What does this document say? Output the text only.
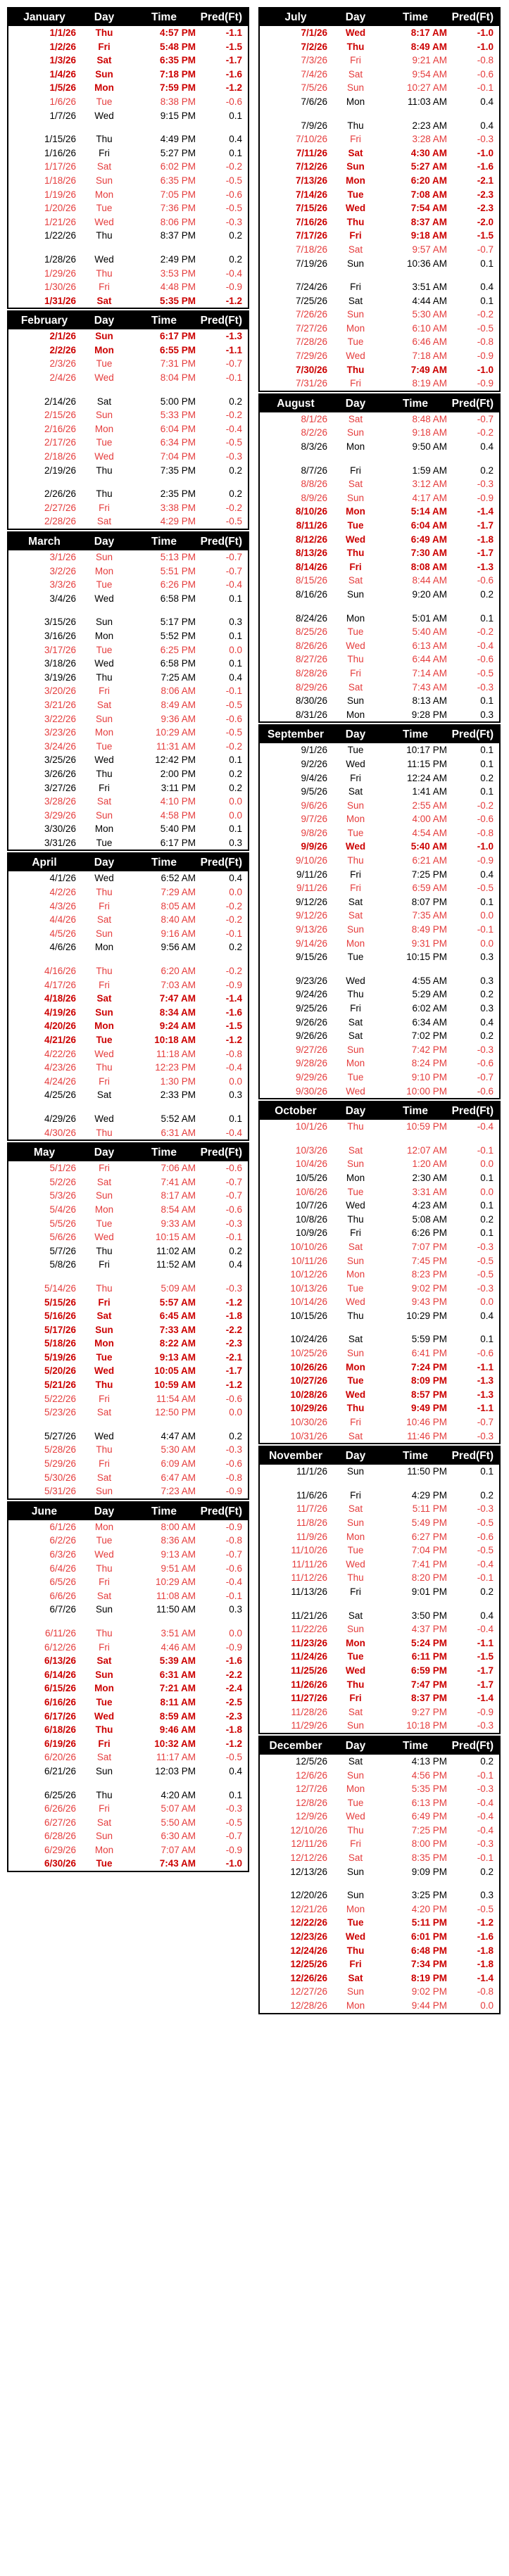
January	Day	Time	Pred(Ft)
1/1/26	Thu	4:57 PM	-1.1
1/2/26	Fri	5:48 PM	-1.5
1/3/26	Sat	6:35 PM	-1.7
1/4/26	Sun	7:18 PM	-1.6
1/5/26	Mon	7:59 PM	-1.2
1/6/26	Tue	8:38 PM	-0.6
1/7/26	Wed	9:15 PM	0.1
1/15/26	Thu	4:49 PM	0.4
1/16/26	Fri	5:27 PM	0.1
1/17/26	Sat	6:02 PM	-0.2
1/18/26	Sun	6:35 PM	-0.5
1/19/26	Mon	7:05 PM	-0.6
1/20/26	Tue	7:36 PM	-0.5
1/21/26	Wed	8:06 PM	-0.3
1/22/26	Thu	8:37 PM	0.2
1/28/26	Wed	2:49 PM	0.2
1/29/26	Thu	3:53 PM	-0.4
1/30/26	Fri	4:48 PM	-0.9
1/31/26	Sat	5:35 PM	-1.2
February	Day	Time	Pred(Ft)
2/1/26	Sun	6:17 PM	-1.3
2/2/26	Mon	6:55 PM	-1.1
2/3/26	Tue	7:31 PM	-0.7
2/4/26	Wed	8:04 PM	-0.1
2/14/26	Sat	5:00 PM	0.2
2/15/26	Sun	5:33 PM	-0.2
2/16/26	Mon	6:04 PM	-0.4
2/17/26	Tue	6:34 PM	-0.5
2/18/26	Wed	7:04 PM	-0.3
2/19/26	Thu	7:35 PM	0.2
2/26/26	Thu	2:35 PM	0.2
2/27/26	Fri	3:38 PM	-0.2
2/28/26	Sat	4:29 PM	-0.5
March	Day	Time	Pred(Ft)
3/1/26	Sun	5:13 PM	-0.7
3/2/26	Mon	5:51 PM	-0.7
3/3/26	Tue	6:26 PM	-0.4
3/4/26	Wed	6:58 PM	0.1
3/15/26	Sun	5:17 PM	0.3
3/16/26	Mon	5:52 PM	0.1
3/17/26	Tue	6:25 PM	0.0
3/18/26	Wed	6:58 PM	0.1
3/19/26	Thu	7:25 AM	0.4
3/20/26	Fri	8:06 AM	-0.1
3/21/26	Sat	8:49 AM	-0.5
3/22/26	Sun	9:36 AM	-0.6
3/23/26	Mon	10:29 AM	-0.5
3/24/26	Tue	11:31 AM	-0.2
3/25/26	Wed	12:42 PM	0.1
3/26/26	Thu	2:00 PM	0.2
3/27/26	Fri	3:11 PM	0.2
3/28/26	Sat	4:10 PM	0.0
3/29/26	Sun	4:58 PM	0.0
3/30/26	Mon	5:40 PM	0.1
3/31/26	Tue	6:17 PM	0.3
April	Day	Time	Pred(Ft)
4/1/26	Wed	6:52 AM	0.4
4/2/26	Thu	7:29 AM	0.0
4/3/26	Fri	8:05 AM	-0.2
4/4/26	Sat	8:40 AM	-0.2
4/5/26	Sun	9:16 AM	-0.1
4/6/26	Mon	9:56 AM	0.2
4/16/26	Thu	6:20 AM	-0.2
4/17/26	Fri	7:03 AM	-0.9
4/18/26	Sat	7:47 AM	-1.4
4/19/26	Sun	8:34 AM	-1.6
4/20/26	Mon	9:24 AM	-1.5
4/21/26	Tue	10:18 AM	-1.2
4/22/26	Wed	11:18 AM	-0.8
4/23/26	Thu	12:23 PM	-0.4
4/24/26	Fri	1:30 PM	0.0
4/25/26	Sat	2:33 PM	0.3
4/29/26	Wed	5:52 AM	0.1
4/30/26	Thu	6:31 AM	-0.4
May	Day	Time	Pred(Ft)
5/1/26	Fri	7:06 AM	-0.6
5/2/26	Sat	7:41 AM	-0.7
5/3/26	Sun	8:17 AM	-0.7
5/4/26	Mon	8:54 AM	-0.6
5/5/26	Tue	9:33 AM	-0.3
5/6/26	Wed	10:15 AM	-0.1
5/7/26	Thu	11:02 AM	0.2
5/8/26	Fri	11:52 AM	0.4
5/14/26	Thu	5:09 AM	-0.3
5/15/26	Fri	5:57 AM	-1.2
5/16/26	Sat	6:45 AM	-1.8
5/17/26	Sun	7:33 AM	-2.2
5/18/26	Mon	8:22 AM	-2.3
5/19/26	Tue	9:13 AM	-2.1
5/20/26	Wed	10:05 AM	-1.7
5/21/26	Thu	10:59 AM	-1.2
5/22/26	Fri	11:54 AM	-0.6
5/23/26	Sat	12:50 PM	0.0
5/27/26	Wed	4:47 AM	0.2
5/28/26	Thu	5:30 AM	-0.3
5/29/26	Fri	6:09 AM	-0.6
5/30/26	Sat	6:47 AM	-0.8
5/31/26	Sun	7:23 AM	-0.9
June	Day	Time	Pred(Ft)
6/1/26	Mon	8:00 AM	-0.9
6/2/26	Tue	8:36 AM	-0.8
6/3/26	Wed	9:13 AM	-0.7
6/4/26	Thu	9:51 AM	-0.6
6/5/26	Fri	10:29 AM	-0.4
6/6/26	Sat	11:08 AM	-0.1
6/7/26	Sun	11:50 AM	0.3
6/11/26	Thu	3:51 AM	0.0
6/12/26	Fri	4:46 AM	-0.9
6/13/26	Sat	5:39 AM	-1.6
6/14/26	Sun	6:31 AM	-2.2
6/15/26	Mon	7:21 AM	-2.4
6/16/26	Tue	8:11 AM	-2.5
6/17/26	Wed	8:59 AM	-2.3
6/18/26	Thu	9:46 AM	-1.8
6/19/26	Fri	10:32 AM	-1.2
6/20/26	Sat	11:17 AM	-0.5
6/21/26	Sun	12:03 PM	0.4
6/25/26	Thu	4:20 AM	0.1
6/26/26	Fri	5:07 AM	-0.3
6/27/26	Sat	5:50 AM	-0.5
6/28/26	Sun	6:30 AM	-0.7
6/29/26	Mon	7:07 AM	-0.9
6/30/26	Tue	7:43 AM	-1.0
July	Day	Time	Pred(Ft)
7/1/26	Wed	8:17 AM	-1.0
7/2/26	Thu	8:49 AM	-1.0
7/3/26	Fri	9:21 AM	-0.8
7/4/26	Sat	9:54 AM	-0.6
7/5/26	Sun	10:27 AM	-0.1
7/6/26	Mon	11:03 AM	0.4
7/9/26	Thu	2:23 AM	0.4
7/10/26	Fri	3:28 AM	-0.3
7/11/26	Sat	4:30 AM	-1.0
7/12/26	Sun	5:27 AM	-1.6
7/13/26	Mon	6:20 AM	-2.1
7/14/26	Tue	7:08 AM	-2.3
7/15/26	Wed	7:54 AM	-2.3
7/16/26	Thu	8:37 AM	-2.0
7/17/26	Fri	9:18 AM	-1.5
7/18/26	Sat	9:57 AM	-0.7
7/19/26	Sun	10:36 AM	0.1
7/24/26	Fri	3:51 AM	0.4
7/25/26	Sat	4:44 AM	0.1
7/26/26	Sun	5:30 AM	-0.2
7/27/26	Mon	6:10 AM	-0.5
7/28/26	Tue	6:46 AM	-0.8
7/29/26	Wed	7:18 AM	-0.9
7/30/26	Thu	7:49 AM	-1.0
7/31/26	Fri	8:19 AM	-0.9
August	Day	Time	Pred(Ft)
8/1/26	Sat	8:48 AM	-0.7
8/2/26	Sun	9:18 AM	-0.2
8/3/26	Mon	9:50 AM	0.4
8/7/26	Fri	1:59 AM	0.2
8/8/26	Sat	3:12 AM	-0.3
8/9/26	Sun	4:17 AM	-0.9
8/10/26	Mon	5:14 AM	-1.4
8/11/26	Tue	6:04 AM	-1.7
8/12/26	Wed	6:49 AM	-1.8
8/13/26	Thu	7:30 AM	-1.7
8/14/26	Fri	8:08 AM	-1.3
8/15/26	Sat	8:44 AM	-0.6
8/16/26	Sun	9:20 AM	0.2
8/24/26	Mon	5:01 AM	0.1
8/25/26	Tue	5:40 AM	-0.2
8/26/26	Wed	6:13 AM	-0.4
8/27/26	Thu	6:44 AM	-0.6
8/28/26	Fri	7:14 AM	-0.5
8/29/26	Sat	7:43 AM	-0.3
8/30/26	Sun	8:13 AM	0.1
8/31/26	Mon	9:28 PM	0.3
September	Day	Time	Pred(Ft)
9/1/26	Tue	10:17 PM	0.1
9/2/26	Wed	11:15 PM	0.1
9/4/26	Fri	12:24 AM	0.2
9/5/26	Sat	1:41 AM	0.1
9/6/26	Sun	2:55 AM	-0.2
9/7/26	Mon	4:00 AM	-0.6
9/8/26	Tue	4:54 AM	-0.8
9/9/26	Wed	5:40 AM	-1.0
9/10/26	Thu	6:21 AM	-0.9
9/11/26	Fri	7:25 PM	0.4
9/11/26	Fri	6:59 AM	-0.5
9/12/26	Sat	8:07 PM	0.1
9/12/26	Sat	7:35 AM	0.0
9/13/26	Sun	8:49 PM	-0.1
9/14/26	Mon	9:31 PM	0.0
9/15/26	Tue	10:15 PM	0.3
9/23/26	Wed	4:55 AM	0.3
9/24/26	Thu	5:29 AM	0.2
9/25/26	Fri	6:02 AM	0.3
9/26/26	Sat	6:34 AM	0.4
9/26/26	Sat	7:02 PM	0.2
9/27/26	Sun	7:42 PM	-0.3
9/28/26	Mon	8:24 PM	-0.6
9/29/26	Tue	9:10 PM	-0.7
9/30/26	Wed	10:00 PM	-0.6
October	Day	Time	Pred(Ft)
10/1/26	Thu	10:59 PM	-0.4
10/3/26	Sat	12:07 AM	-0.1
10/4/26	Sun	1:20 AM	0.0
10/5/26	Mon	2:30 AM	0.1
10/6/26	Tue	3:31 AM	0.0
10/7/26	Wed	4:23 AM	0.1
10/8/26	Thu	5:08 AM	0.2
10/9/26	Fri	6:26 PM	0.1
10/10/26	Sat	7:07 PM	-0.3
10/11/26	Sun	7:45 PM	-0.5
10/12/26	Mon	8:23 PM	-0.5
10/13/26	Tue	9:02 PM	-0.3
10/14/26	Wed	9:43 PM	0.0
10/15/26	Thu	10:29 PM	0.4
10/24/26	Sat	5:59 PM	0.1
10/25/26	Sun	6:41 PM	-0.6
10/26/26	Mon	7:24 PM	-1.1
10/27/26	Tue	8:09 PM	-1.3
10/28/26	Wed	8:57 PM	-1.3
10/29/26	Thu	9:49 PM	-1.1
10/30/26	Fri	10:46 PM	-0.7
10/31/26	Sat	11:46 PM	-0.3
November	Day	Time	Pred(Ft)
11/1/26	Sun	11:50 PM	0.1
11/6/26	Fri	4:29 PM	0.2
11/7/26	Sat	5:11 PM	-0.3
11/8/26	Sun	5:49 PM	-0.5
11/9/26	Mon	6:27 PM	-0.6
11/10/26	Tue	7:04 PM	-0.5
11/11/26	Wed	7:41 PM	-0.4
11/12/26	Thu	8:20 PM	-0.1
11/13/26	Fri	9:01 PM	0.2
11/21/26	Sat	3:50 PM	0.4
11/22/26	Sun	4:37 PM	-0.4
11/23/26	Mon	5:24 PM	-1.1
11/24/26	Tue	6:11 PM	-1.5
11/25/26	Wed	6:59 PM	-1.7
11/26/26	Thu	7:47 PM	-1.7
11/27/26	Fri	8:37 PM	-1.4
11/28/26	Sat	9:27 PM	-0.9
11/29/26	Sun	10:18 PM	-0.3
December	Day	Time	Pred(Ft)
12/5/26	Sat	4:13 PM	0.2
12/6/26	Sun	4:56 PM	-0.1
12/7/26	Mon	5:35 PM	-0.3
12/8/26	Tue	6:13 PM	-0.4
12/9/26	Wed	6:49 PM	-0.4
12/10/26	Thu	7:25 PM	-0.4
12/11/26	Fri	8:00 PM	-0.3
12/12/26	Sat	8:35 PM	-0.1
12/13/26	Sun	9:09 PM	0.2
12/20/26	Sun	3:25 PM	0.3
12/21/26	Mon	4:20 PM	-0.5
12/22/26	Tue	5:11 PM	-1.2
12/23/26	Wed	6:01 PM	-1.6
12/24/26	Thu	6:48 PM	-1.8
12/25/26	Fri	7:34 PM	-1.8
12/26/26	Sat	8:19 PM	-1.4
12/27/26	Sun	9:02 PM	-0.8
12/28/26	Mon	9:44 PM	0.0
